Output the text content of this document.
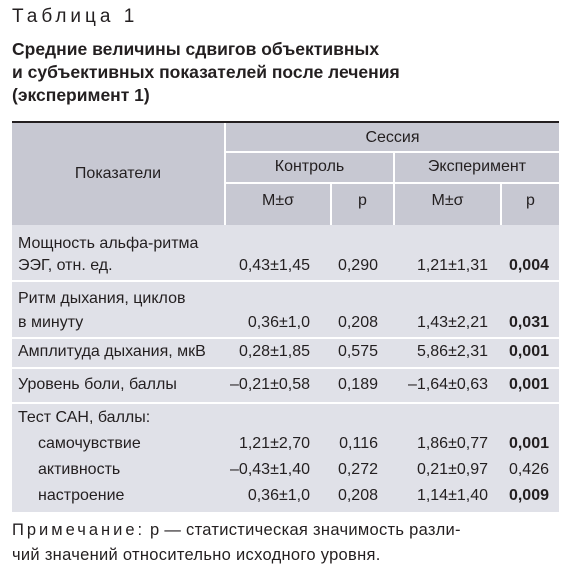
Таблица 1
Средние величины сдвигов объективных
и субъективных показателей после лечения
(эксперимент 1)
Показатели
Сессия
Контроль	Эксперимент
M±σ	p	M±σ	p
Мощность альфа-ритма
ЭЭГ, отн. ед.	0,43±1,45	0,290	1,21±1,31	0,004
Ритм дыхания, циклов
в минуту	0,36±1,0	0,208	1,43±2,21	0,031
Амплитуда дыхания, мкВ	0,28±1,85	0,575	5,86±2,31	0,001
Уровень боли, баллы	–0,21±0,58	0,189	–1,64±0,63	0,001
Тест САН, баллы:
самочувствие	1,21±2,70	0,116	1,86±0,77	0,001
активность	–0,43±1,40	0,272	0,21±0,97	0,426
настроение	0,36±1,0	0,208	1,14±1,40	0,009
Примечание: p — статистическая значимость разли-
чий значений относительно исходного уровня.
